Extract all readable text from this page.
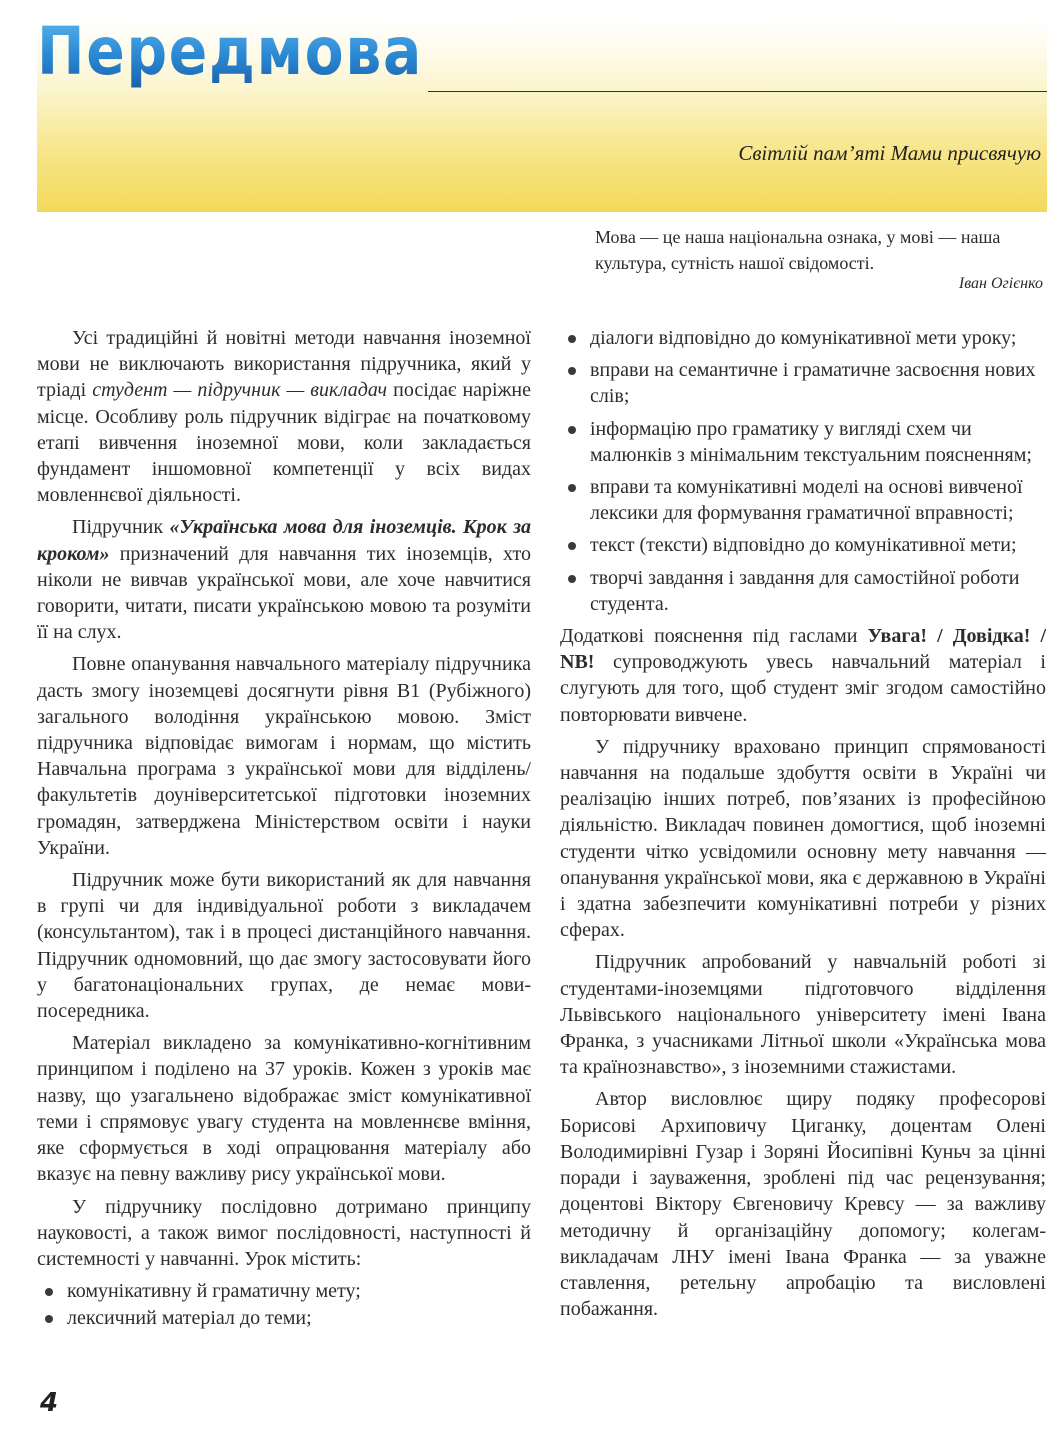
Передмова
Світлій пам’яті Мами присвячую
Мова — це наша національна ознака, у мові — наша культура, сутність нашої свідомості.
Іван Огієнко

Усі традиційні й новітні методи навчання іноземної мови не виключають використання підручника, який у тріаді студент — підручник — викладач посідає наріжне місце. Особливу роль підручник відіграє на початковому етапі вивчення іноземної мови, коли закладається фундамент іншомовної компетенції у всіх видах мовленнєвої діяльності.

Підручник «Українська мова для іноземців. Крок за кроком» призначений для навчання тих іноземців, хто ніколи не вивчав української мови, але хоче навчитися говорити, читати, писати українською мовою та розуміти її на слух.

Повне опанування навчального матеріалу підручника дасть змогу іноземцеві досягнути рівня В1 (Рубіжного) загального володіння українською мовою. Зміст підручника відповідає вимогам і нормам, що містить Навчальна програма з української мови для відділень/факультетів доуніверситетської підготовки іноземних громадян, затверджена Міністерством освіти і науки України.

Підручник може бути використаний як для навчання в групі чи для індивідуальної роботи з викладачем (консультантом), так і в процесі дистанційного навчання. Підручник одномовний, що дає змогу застосовувати його у багатонаціональних групах, де немає мови-посередника.

Матеріал викладено за комунікативно-когнітивним принципом і поділено на 37 уроків. Кожен з уроків має назву, що узагальнено відображає зміст комунікативної теми і спрямовує увагу студента на мовленнєве вміння, яке сформується в ході опрацювання матеріалу або вказує на певну важливу рису української мови.

У підручнику послідовно дотримано принципу науковості, а також вимог послідовності, наступності й системності у навчанні. Урок містить:

комунікативну й граматичну мету;
лексичний матеріал до теми;
діалоги відповідно до комунікативної мети уроку;
вправи на семантичне і граматичне засвоєння нових слів;
інформацію про граматику у вигляді схем чи малюнків з мінімальним текстуальним поясненням;
вправи та комунікативні моделі на основі вивченої лексики для формування граматичної вправності;
текст (тексти) відповідно до комунікативної мети;
творчі завдання і завдання для самостійної роботи студента.

Додаткові пояснення під гаслами Увага! / Довідка! / NB! супроводжують увесь навчальний матеріал і слугують для того, щоб студент зміг згодом самостійно повторювати вивчене.

У підручнику враховано принцип спрямованості навчання на подальше здобуття освіти в Україні чи реалізацію інших потреб, пов’язаних із професійною діяльністю. Викладач повинен домогтися, щоб іноземні студенти чітко усвідомили основну мету навчання — опанування української мови, яка є державною в Україні і здатна забезпечити комунікативні потреби у різних сферах.

Підручник апробований у навчальній роботі зі студентами-іноземцями підготовчого відділення Львівського національного університету імені Івана Франка, з учасниками Літньої школи «Українська мова та країнознавство», з іноземними стажистами.

Автор висловлює щиру подяку професорові Борисові Архиповичу Циганку, доцентам Олені Володимирівні Гузар і Зоряні Йосипівні Куньч за цінні поради і зауваження, зроблені під час рецензування; доцентові Віктору Євгеновичу Кревсу — за важливу методичну й організаційну допомогу; колегам-викладачам ЛНУ імені Івана Франка — за уважне ставлення, ретельну апробацію та висловлені побажання.

4
